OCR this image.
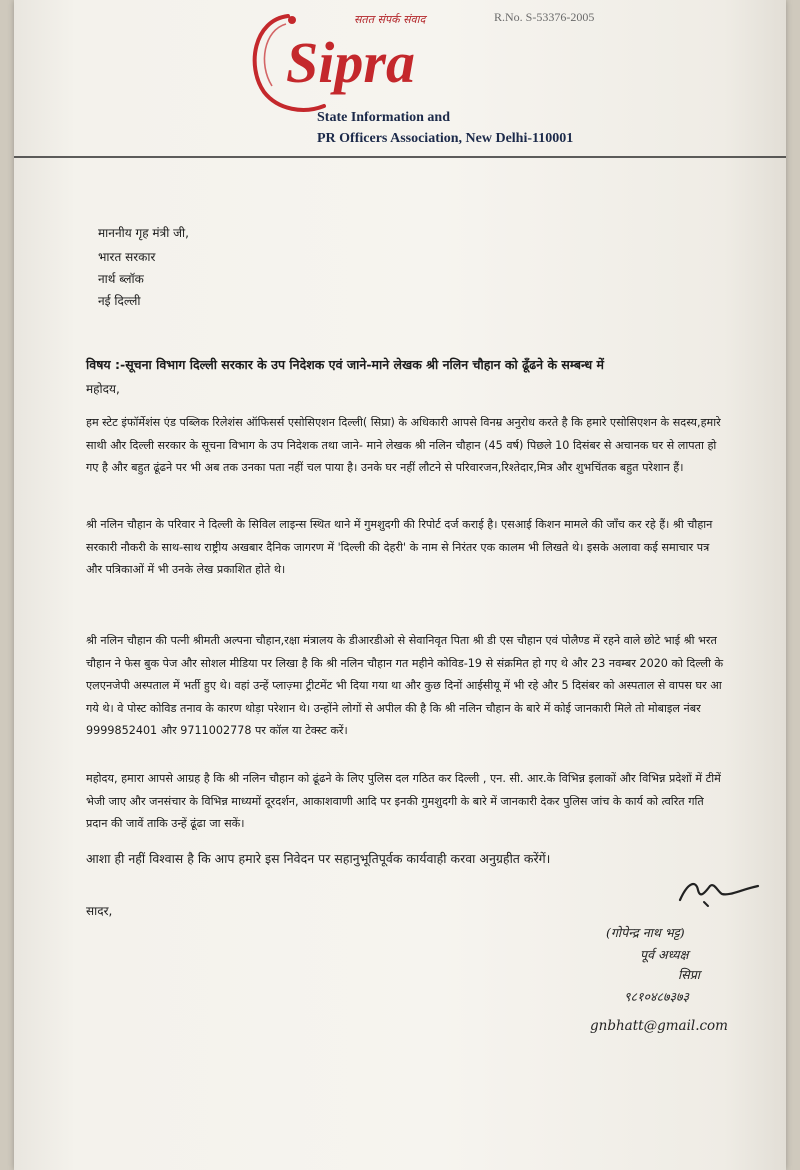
Sipra
सतत संपर्क संवाद	R.No. S-53376-2005
State Information and
PR Officers Association, New Delhi-110001
माननीय गृह मंत्री जी,
भारत सरकार
नार्थ ब्लॉक
नई दिल्ली
विषय :-सूचना विभाग दिल्ली सरकार के उप निदेशक एवं जाने-माने लेखक श्री नलिन चौहान को ढूँढने के सम्बन्ध में
महोदय,
हम स्टेट इंफॉर्मेशंस एंड पब्लिक रिलेशंस ऑफिसर्स एसोसिएशन दिल्ली( सिप्रा) के अधिकारी आपसे विनम्र अनुरोध करते है कि हमारे एसोसिएशन के सदस्य,हमारे साथी और दिल्ली सरकार के सूचना विभाग के उप निदेशक तथा जाने- माने लेखक श्री नलिन चौहान (45 वर्ष) पिछले 10 दिसंबर से अचानक घर से लापता हो गए है और बहुत ढूंढने पर भी अब तक उनका पता नहीं चल पाया है। उनके घर नहीं लौटने से परिवारजन,रिश्तेदार,मित्र और शुभचिंतक बहुत परेशान हैं।
श्री नलिन चौहान के परिवार ने दिल्ली के सिविल लाइन्स स्थित थाने में गुमशुदगी की रिपोर्ट दर्ज कराई है। एसआई किशन मामले की जाँच कर रहे हैं। श्री चौहान सरकारी नौकरी के साथ-साथ राष्ट्रीय अखबार दैनिक जागरण में 'दिल्ली की देहरी' के नाम से निरंतर एक कालम भी लिखते थे। इसके अलावा कई समाचार पत्र और पत्रिकाओं में भी उनके लेख प्रकाशित होते थे।
श्री नलिन चौहान की पत्नी श्रीमती अल्पना चौहान,रक्षा मंत्रालय के डीआरडीओ से सेवानिवृत पिता श्री डी एस चौहान एवं पोलैण्ड में रहने वाले छोटे भाई श्री भरत चौहान ने फेस बुक पेज और सोशल मीडिया पर लिखा है कि श्री नलिन चौहान गत महीने कोविड-19 से संक्रमित हो गए थे और 23 नवम्बर 2020 को दिल्ली के एलएनजेपी अस्पताल में भर्ती हुए थे। वहां उन्हें प्लाज़्मा ट्रीटमेंट भी दिया गया था और कुछ दिनों आईसीयू में भी रहे और 5 दिसंबर को अस्पताल से वापस घर आ गये थे। वे पोस्ट कोविड तनाव के कारण थोड़ा परेशान थे। उन्होंने लोगों से अपील की है कि श्री नलिन चौहान के बारे में कोई जानकारी मिले तो मोबाइल नंबर 9999852401 और 9711002778 पर कॉल या टेक्स्ट करें।
महोदय, हमारा आपसे आग्रह है कि श्री नलिन चौहान को ढूंढने के लिए पुलिस दल गठित कर दिल्ली , एन. सी. आर.के विभिन्न इलाकों और विभिन्न प्रदेशों में टीमें भेजी जाए और जनसंचार के विभिन्न माध्यमों दूरदर्शन, आकाशवाणी आदि पर इनकी गुमशुदगी के बारे में जानकारी देकर पुलिस जांच के कार्य को त्वरित गति प्रदान की जावें ताकि उन्हें ढूंढा जा सकें।
आशा ही नहीं विश्वास है कि आप हमारे इस निवेदन पर सहानुभूतिपूर्वक कार्यवाही करवा अनुग्रहीत करेंगें।
सादर,
(गोपेन्द्र नाथ भट्ट)
पूर्व अध्यक्ष
सिप्रा
९८१०४८७३७३
gnbhatt@gmail.com
